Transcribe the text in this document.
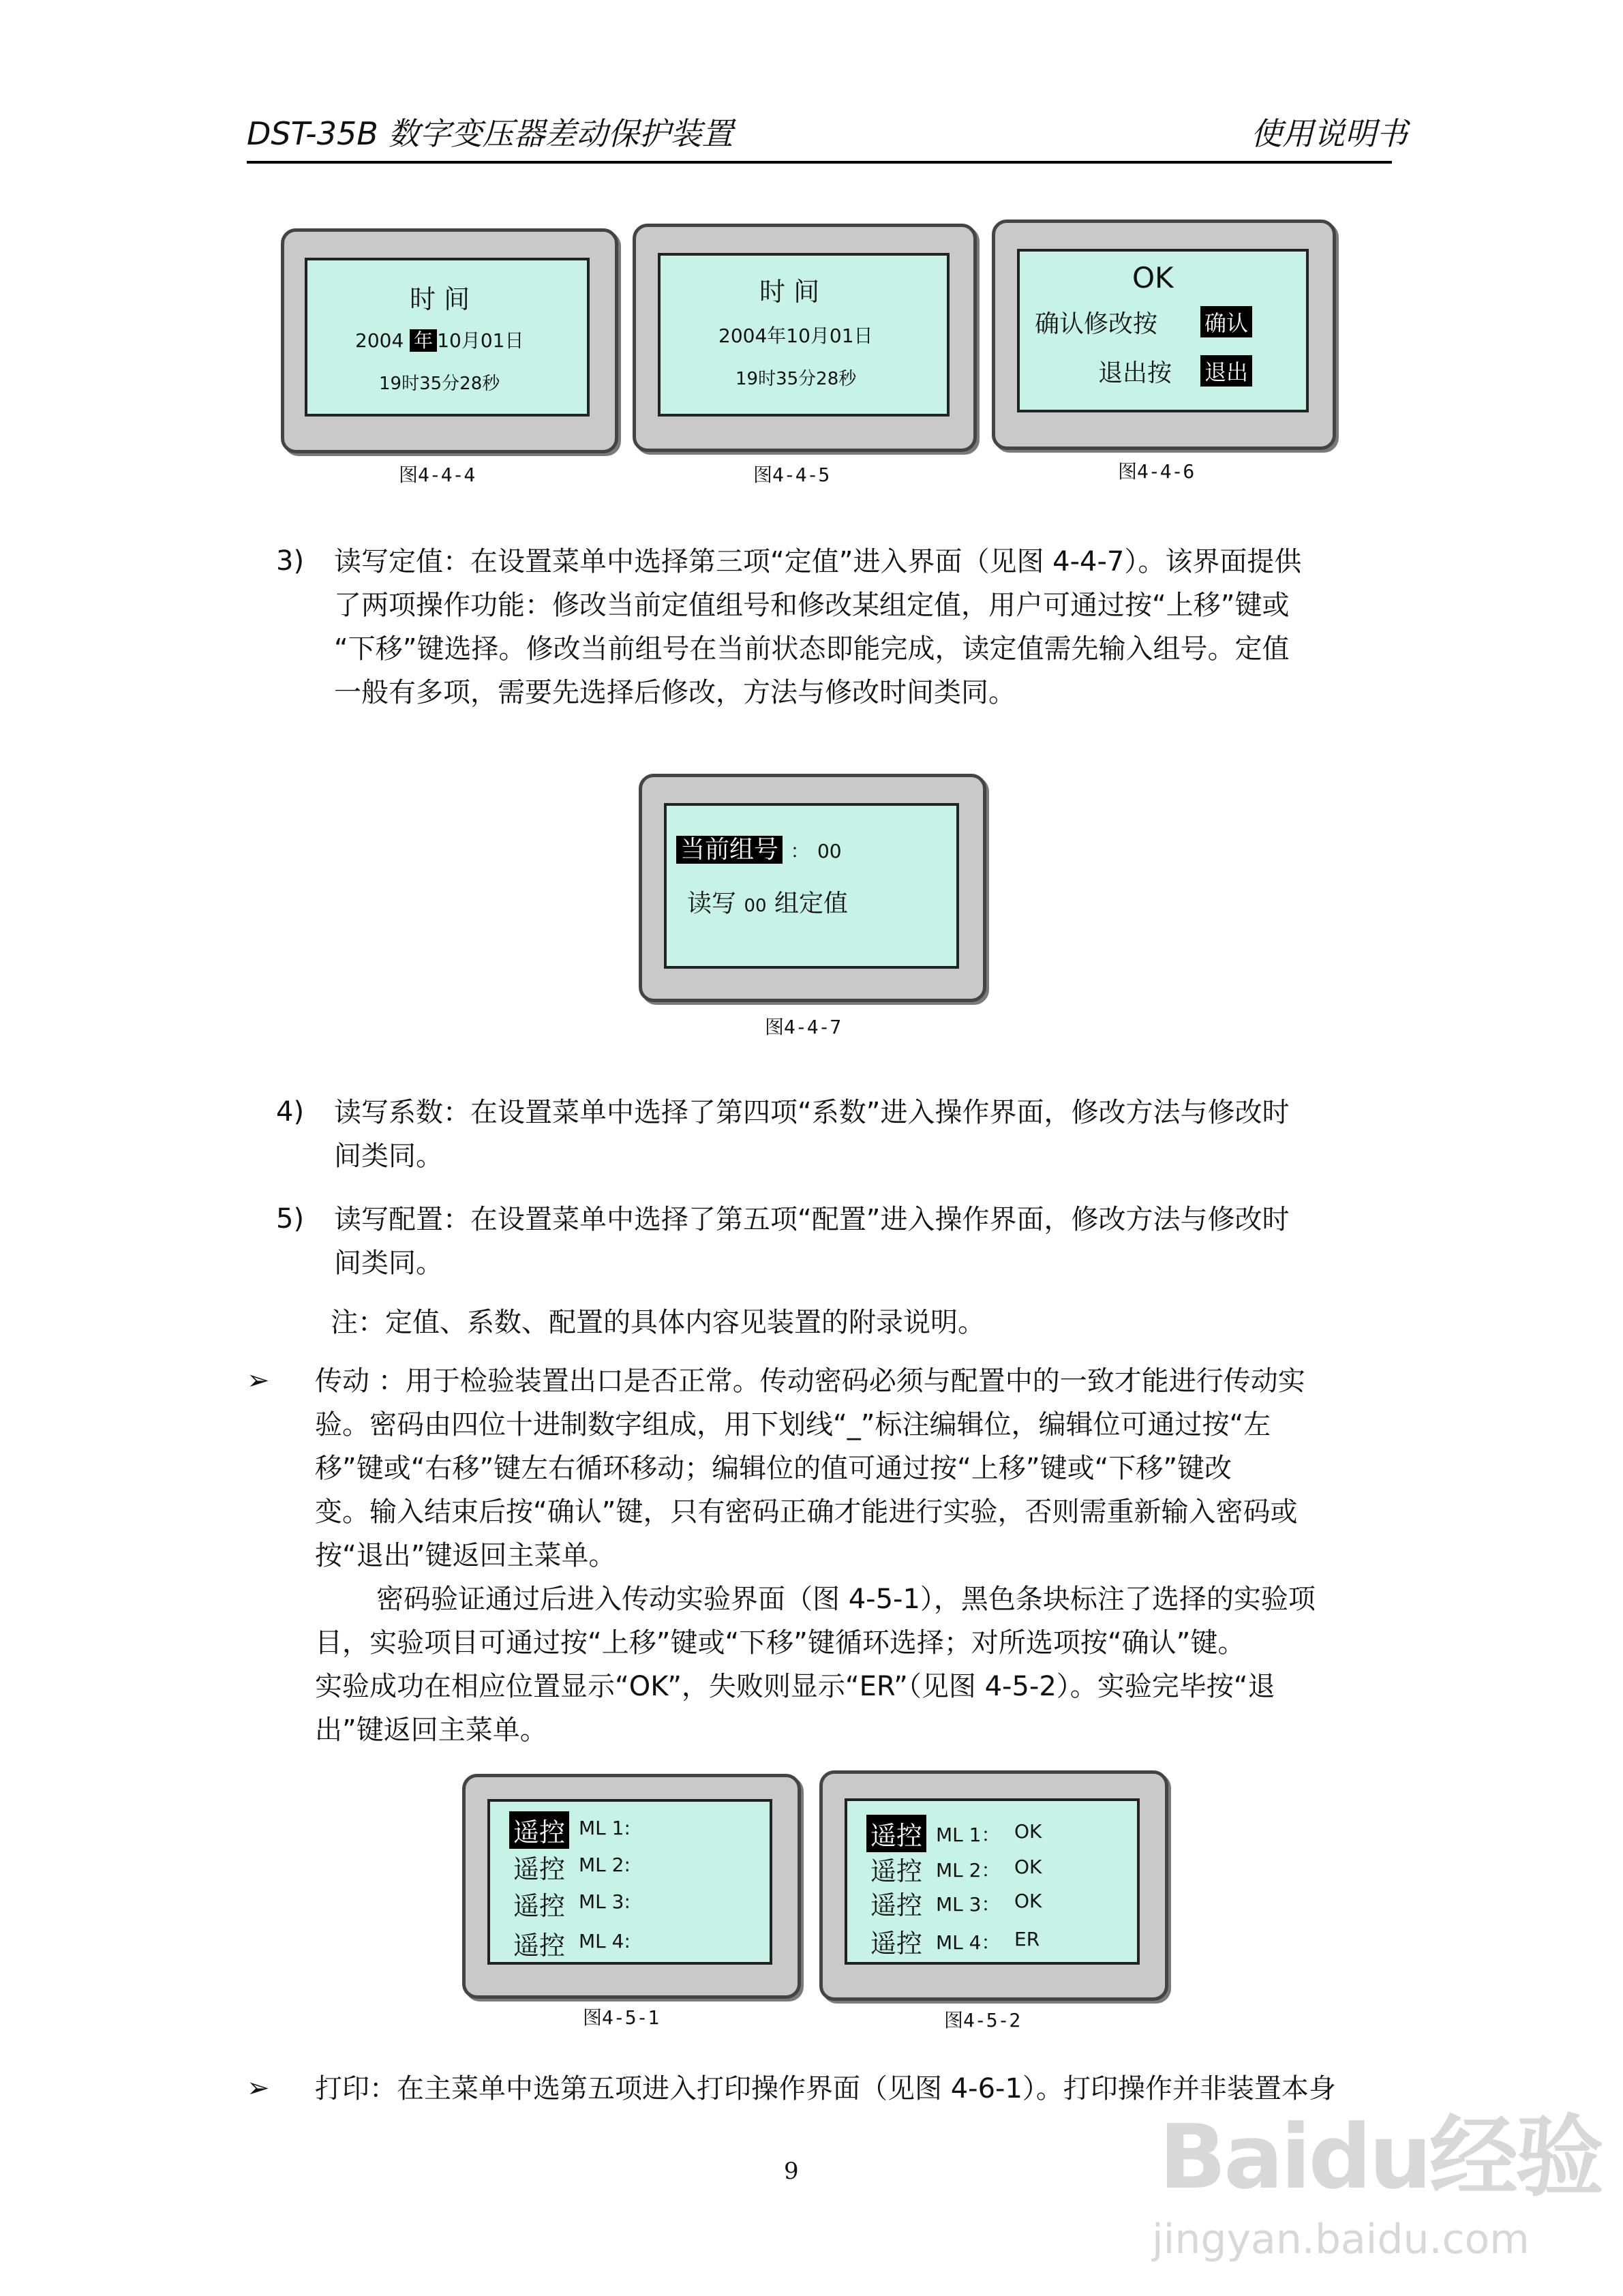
DST-35B 数字变压器差动保护装置	使用说明书
时 间
2004 年 10月01日
19时35分28秒
图4-4-4
时 间
2004年10月01日
19时35分28秒
图4-4-5
OK
确认修改按 确认
退出按 退出
图4-4-6
3) 读写定值：在设置菜单中选择第三项“定值”进入界面（见图 4-4-7）。该界面提供
了两项操作功能：修改当前定值组号和修改某组定值，用户可通过按“上移”键或
“下移”键选择。修改当前组号在当前状态即能完成，读定值需先输入组号。定值
一般有多项，需要先选择后修改，方法与修改时间类同。
当前组号 ： 00
读写 00 组定值
图4-4-7
4) 读写系数：在设置菜单中选择了第四项“系数”进入操作界面，修改方法与修改时
间类同。
5) 读写配置：在设置菜单中选择了第五项“配置”进入操作界面，修改方法与修改时
间类同。
注：定值、系数、配置的具体内容见装置的附录说明。
➢ 传动 ：用于检验装置出口是否正常。传动密码必须与配置中的一致才能进行传动实
验。密码由四位十进制数字组成，用下划线“_”标注编辑位，编辑位可通过按“左
移”键或“右移”键左右循环移动；编辑位的值可通过按“上移”键或“下移”键改
变。输入结束后按“确认”键，只有密码正确才能进行实验，否则需重新输入密码或
按“退出”键返回主菜单。
密码验证通过后进入传动实验界面（图 4-5-1），黑色条块标注了选择的实验项
目，实验项目可通过按“上移”键或“下移”键循环选择；对所选项按“确认”键。
实验成功在相应位置显示“OK”，失败则显示“ER”（见图 4-5-2）。实验完毕按“退
出”键返回主菜单。
遥控 ML 1:
遥控 ML 2:
遥控 ML 3:
遥控 ML 4:
图4-5-1
遥控 ML 1： OK
遥控 ML 2： OK
遥控 ML 3： OK
遥控 ML 4： ER
图4-5-2
➢ 打印：在主菜单中选第五项进入打印操作界面（见图 4-6-1）。打印操作并非装置本身
9	Baidu经验
jingyan.baidu.com
